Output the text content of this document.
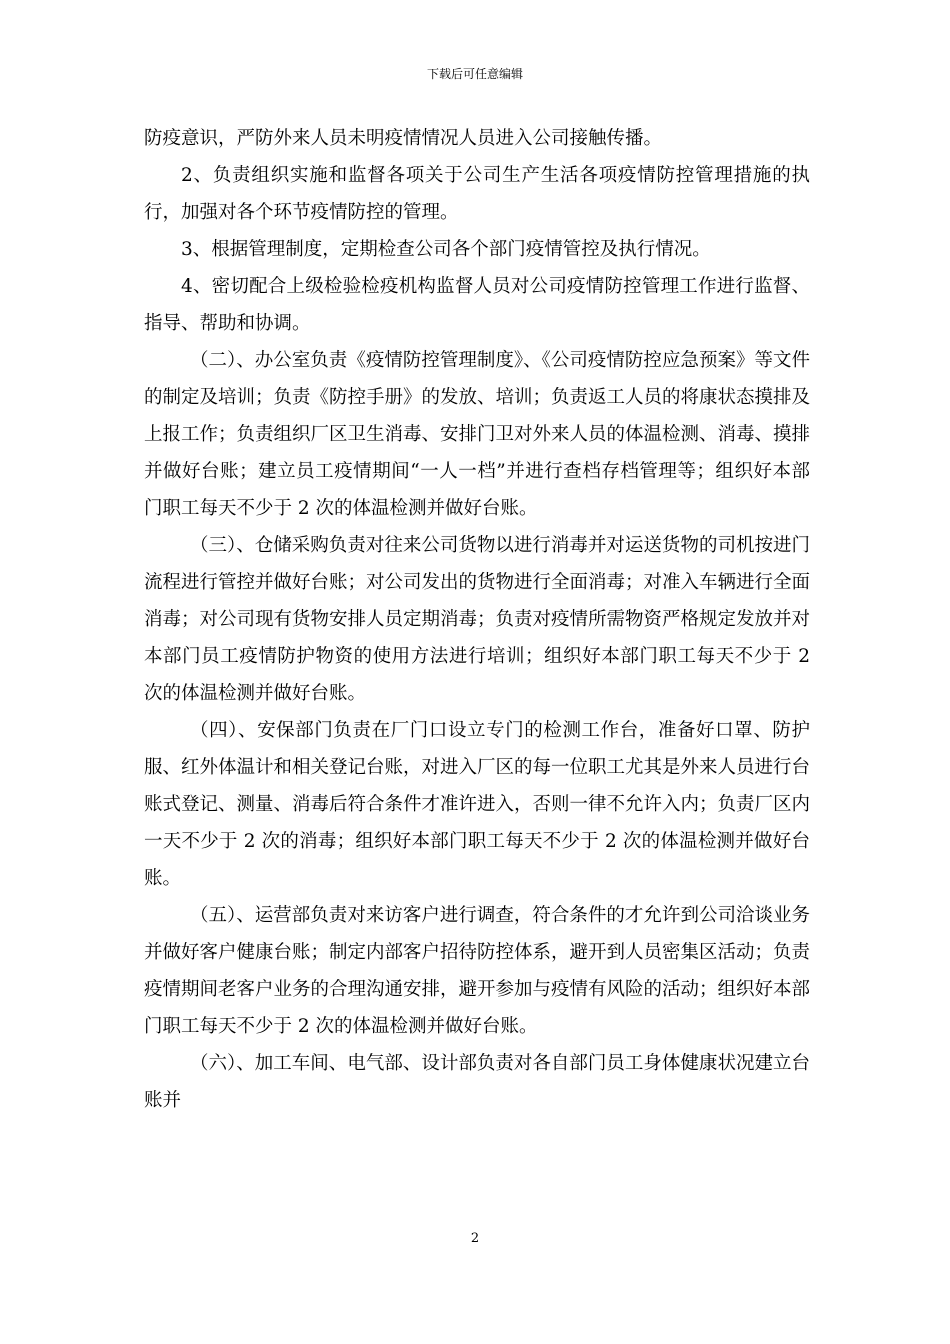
下载后可任意编辑

防疫意识，严防外来人员未明疫情情况人员进入公司接触传播。

2、负责组织实施和监督各项关于公司生产生活各项疫情防控管理措施的执行，加强对各个环节疫情防控的管理。

3、根据管理制度，定期检查公司各个部门疫情管控及执行情况。

4、密切配合上级检验检疫机构监督人员对公司疫情防控管理工作进行监督、指导、帮助和协调。

（二）、办公室负责《疫情防控管理制度》、《公司疫情防控应急预案》等文件的制定及培训；负责《防控手册》的发放、培训；负责返工人员的将康状态摸排及上报工作；负责组织厂区卫生消毒、安排门卫对外来人员的体温检测、消毒、摸排并做好台账；建立员工疫情期间“一人一档”并进行查档存档管理等；组织好本部门职工每天不少于 2 次的体温检测并做好台账。

（三）、仓储采购负责对往来公司货物以进行消毒并对运送货物的司机按进门流程进行管控并做好台账；对公司发出的货物进行全面消毒；对准入车辆进行全面消毒；对公司现有货物安排人员定期消毒；负责对疫情所需物资严格规定发放并对本部门员工疫情防护物资的使用方法进行培训；组织好本部门职工每天不少于 2 次的体温检测并做好台账。

（四）、安保部门负责在厂门口设立专门的检测工作台，准备好口罩、防护服、红外体温计和相关登记台账，对进入厂区的每一位职工尤其是外来人员进行台账式登记、测量、消毒后符合条件才准许进入，否则一律不允许入内；负责厂区内一天不少于 2 次的消毒；组织好本部门职工每天不少于 2 次的体温检测并做好台账。

（五）、运营部负责对来访客户进行调查，符合条件的才允许到公司洽谈业务并做好客户健康台账；制定内部客户招待防控体系，避开到人员密集区活动；负责疫情期间老客户业务的合理沟通安排，避开参加与疫情有风险的活动；组织好本部门职工每天不少于 2 次的体温检测并做好台账。

（六）、加工车间、电气部、设计部负责对各自部门员工身体健康状况建立台账并

2
